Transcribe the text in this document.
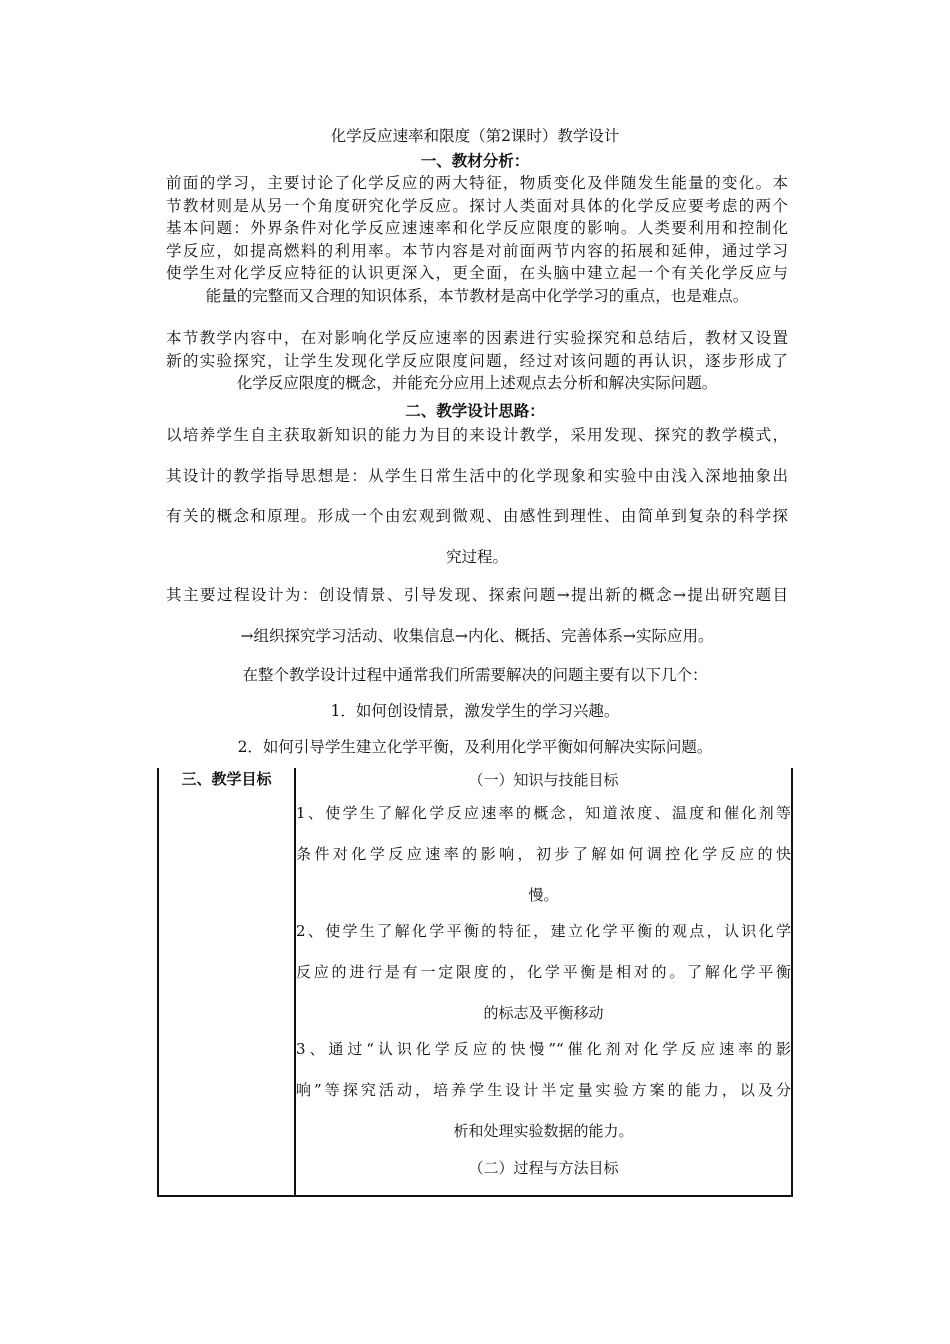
化学反应速率和限度（第2课时）教学设计
一、教材分析：
前面的学习，主要讨论了化学反应的两大特征，物质变化及伴随发生能量的变化。本
节教材则是从另一个角度研究化学反应。探讨人类面对具体的化学反应要考虑的两个
基本问题：外界条件对化学反应速速率和化学反应限度的影响。人类要利用和控制化
学反应，如提高燃料的利用率。本节内容是对前面两节内容的拓展和延伸，通过学习
使学生对化学反应特征的认识更深入，更全面，在头脑中建立起一个有关化学反应与
能量的完整而又合理的知识体系，本节教材是高中化学学习的重点，也是难点。
本节教学内容中，在对影响化学反应速率的因素进行实验探究和总结后，教材又设置
新的实验探究，让学生发现化学反应限度问题，经过对该问题的再认识，逐步形成了
化学反应限度的概念，并能充分应用上述观点去分析和解决实际问题。
二、教学设计思路：
以培养学生自主获取新知识的能力为目的来设计教学，采用发现、探究的教学模式，
其设计的教学指导思想是：从学生日常生活中的化学现象和实验中由浅入深地抽象出
有关的概念和原理。形成一个由宏观到微观、由感性到理性、由简单到复杂的科学探
究过程。
其主要过程设计为：创设情景、引导发现、探索问题→提出新的概念→提出研究题目
→组织探究学习活动、收集信息→内化、概括、完善体系→实际应用。
在整个教学设计过程中通常我们所需要解决的问题主要有以下几个：
1．如何创设情景，激发学生的学习兴趣。
2．如何引导学生建立化学平衡，及利用化学平衡如何解决实际问题。
三、教学目标	（一）知识与技能目标
1、使学生了解化学反应速率的概念，知道浓度、温度和催化剂等
条件对化学反应速率的影响，初步了解如何调控化学反应的快
慢。
2、使学生了解化学平衡的特征，建立化学平衡的观点，认识化学
反应的进行是有一定限度的，化学平衡是相对的。了解化学平衡
的标志及平衡移动
3、通过“认识化学反应的快慢”“催化剂对化学反应速率的影
响”等探究活动，培养学生设计半定量实验方案的能力，以及分
析和处理实验数据的能力。
（二）过程与方法目标
